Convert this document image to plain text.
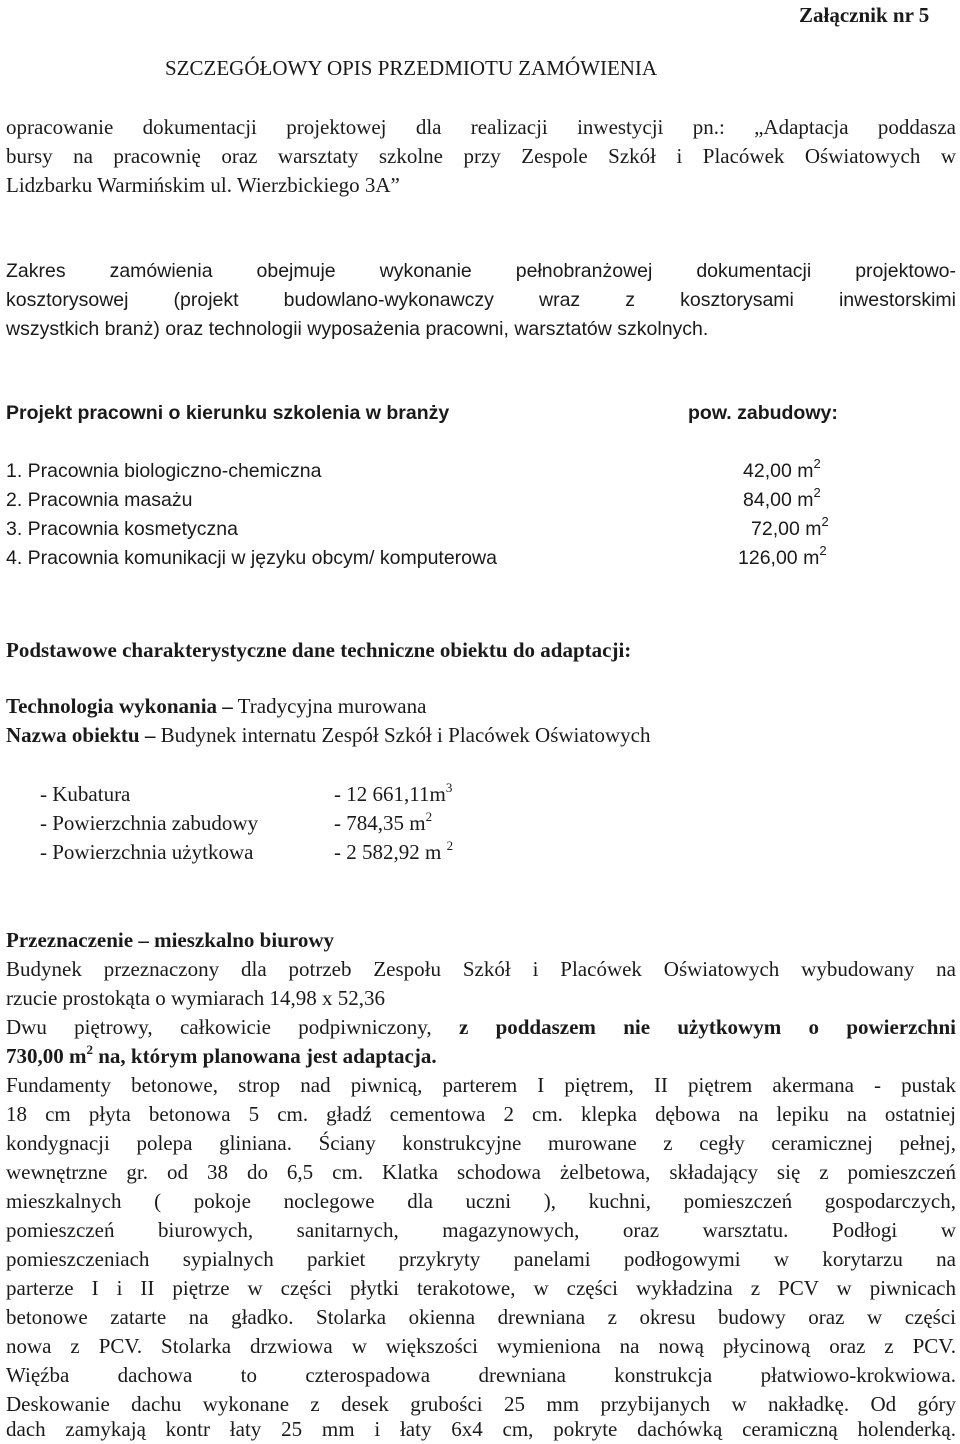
Załącznik nr 5
SZCZEGÓŁOWY OPIS PRZEDMIOTU ZAMÓWIENIA
opracowanie dokumentacji projektowej dla realizacji inwestycji pn.: „Adaptacja poddasza
bursy na pracownię oraz warsztaty szkolne przy Zespole Szkół i Placówek Oświatowych w
Lidzbarku Warmińskim ul. Wierzbickiego 3A”
Zakres zamówienia obejmuje wykonanie pełnobranżowej dokumentacji projektowo-
kosztorysowej (projekt budowlano-wykonawczy wraz z kosztorysami inwestorskimi
wszystkich branż) oraz technologii wyposażenia pracowni, warsztatów szkolnych.
Projekt pracowni o kierunku szkolenia w branży	pow. zabudowy:
1. Pracownia biologiczno-chemiczna	42,00 $m^2$
2. Pracownia masażu	84,00 $m^2$
3. Pracownia kosmetyczna	72,00 $m^2$
4. Pracownia komunikacji w języku obcym/ komputerowa	126,00 $m^2$
Podstawowe charakterystyczne dane techniczne obiektu do adaptacji:
Technologia wykonania – Tradycyjna murowana
Nazwa obiektu – Budynek internatu Zespół Szkół i Placówek Oświatowych
- Kubatura	- 12 $661,11m^3$
- Powierzchnia zabudowy	- 784,35 $m^2$
- Powierzchnia użytkowa	- 2 582,92 m $^2$
Przeznaczenie – mieszkalno biurowy
Budynek przeznaczony dla potrzeb Zespołu Szkół i Placówek Oświatowych wybudowany na
rzucie prostokąta o wymiarach 14,98 x 52,36
Dwu piętrowy, całkowicie podpiwniczony, z poddaszem nie użytkowym o powierzchni
730,00 $m^2$ na, którym planowana jest adaptacja.
Fundamenty betonowe, strop nad piwnicą, parterem I piętrem, II piętrem akermana - pustak
18 cm płyta betonowa 5 cm. gładź cementowa 2 cm. klepka dębowa na lepiku na ostatniej
kondygnacji polepa gliniana. Ściany konstrukcyjne murowane z cegły ceramicznej pełnej,
wewnętrzne gr. od 38 do 6,5 cm. Klatka schodowa żelbetowa, składający się z pomieszczeń
mieszkalnych ( pokoje noclegowe dla uczni ), kuchni, pomieszczeń gospodarczych,
pomieszczeń biurowych, sanitarnych, magazynowych, oraz warsztatu. Podłogi w
pomieszczeniach sypialnych parkiet przykryty panelami podłogowymi w korytarzu na
parterze I i II piętrze w części płytki terakotowe, w części wykładzina z PCV w piwnicach
betonowe zatarte na gładko. Stolarka okienna drewniana z okresu budowy oraz w części
nowa z PCV. Stolarka drzwiowa w większości wymieniona na nową płycinową oraz z PCV.
Więźba dachowa to czterospadowa drewniana konstrukcja płatwiowo-krokwiowa.
Deskowanie dachu wykonane z desek grubości 25 mm przybijanych w nakładkę. Od góry
dach zamykają kontr łaty 25 mm i łaty 6x4 cm, pokryte dachówką ceramiczną holenderką.
